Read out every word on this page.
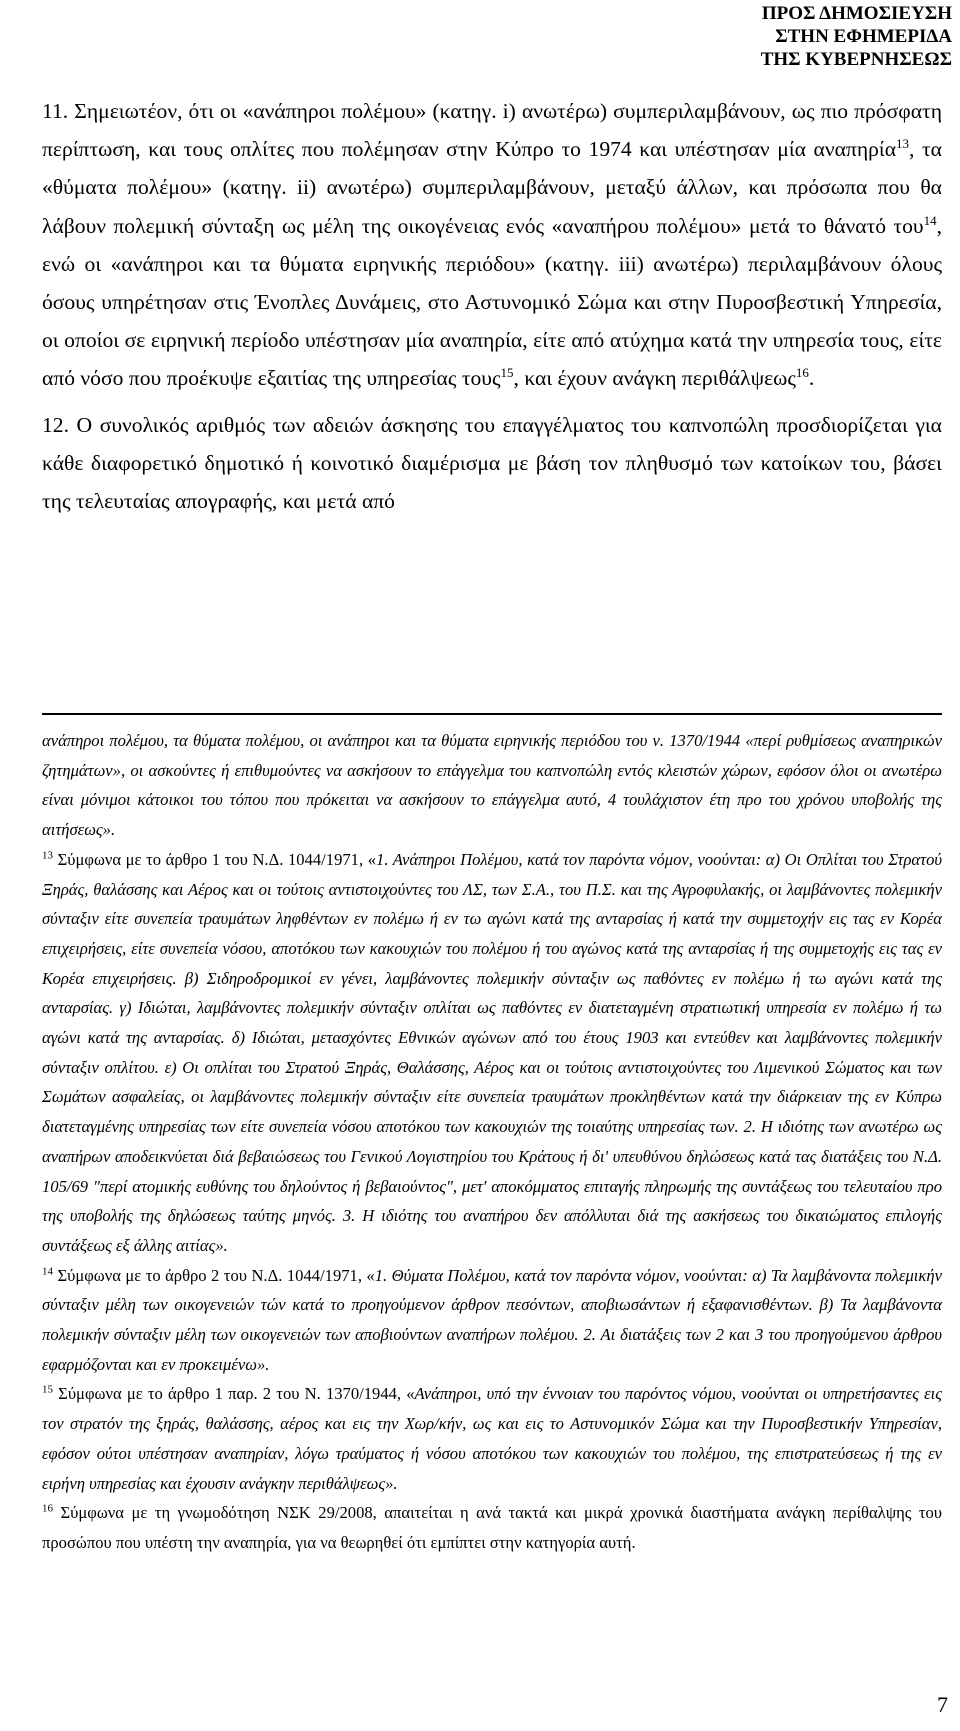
ΠΡΟΣ ΔΗΜΟΣΙΕΥΣΗ
ΣΤΗΝ ΕΦΗΜΕΡΙΔΑ
ΤΗΣ ΚΥΒΕΡΝΗΣΕΩΣ

11. Σημειωτέον, ότι οι «ανάπηροι πολέμου» (κατηγ. i) ανωτέρω) συμπεριλαμβάνουν, ως πιο πρόσφατη περίπτωση, και τους οπλίτες που πολέμησαν στην Κύπρο το 1974 και υπέστησαν μία αναπηρία$^{13}$, τα «θύματα πολέμου» (κατηγ. ii) ανωτέρω) συμπεριλαμβάνουν, μεταξύ άλλων, και πρόσωπα που θα λάβουν πολεμική σύνταξη ως μέλη της οικογένειας ενός «αναπήρου πολέμου» μετά το θάνατό του$^{14}$, ενώ οι «ανάπηροι και τα θύματα ειρηνικής περιόδου» (κατηγ. iii) ανωτέρω) περιλαμβάνουν όλους όσους υπηρέτησαν στις Ένοπλες Δυνάμεις, στο Αστυνομικό Σώμα και στην Πυροσβεστική Υπηρεσία, οι οποίοι σε ειρηνική περίοδο υπέστησαν μία αναπηρία, είτε από ατύχημα κατά την υπηρεσία τους, είτε από νόσο που προέκυψε εξαιτίας της υπηρεσίας τους$^{15}$, και έχουν ανάγκη περιθάλψεως$^{16}$.

12. Ο συνολικός αριθμός των αδειών άσκησης του επαγγέλματος του καπνοπώλη προσδιορίζεται για κάθε διαφορετικό δημοτικό ή κοινοτικό διαμέρισμα με βάση τον πληθυσμό των κατοίκων του, βάσει της τελευταίας απογραφής, και μετά από

ανάπηροι πολέμου, τα θύματα πολέμου, οι ανάπηροι και τα θύματα ειρηνικής περιόδου του ν. 1370/1944 «περί ρυθμίσεως αναπηρικών ζητημάτων», οι ασκούντες ή επιθυμούντες να ασκήσουν το επάγγελμα του καπνοπώλη εντός κλειστών χώρων, εφόσον όλοι οι ανωτέρω είναι μόνιμοι κάτοικοι του τόπου που πρόκειται να ασκήσουν το επάγγελμα αυτό, 4 τουλάχιστον έτη προ του χρόνου υποβολής της αιτήσεως».

$^{13}$ Σύμφωνα με το άρθρο 1 του Ν.Δ. 1044/1971, «1. Ανάπηροι Πολέμου, κατά τον παρόντα νόμον, νοούνται: α) Οι Οπλίται του Στρατού Ξηράς, θαλάσσης και Αέρος και οι τούτοις αντιστοιχούντες του ΛΣ, των Σ.Α., του Π.Σ. και της Αγροφυλακής, οι λαμβάνοντες πολεμικήν σύνταξιν είτε συνεπεία τραυμάτων ληφθέντων εν πολέμω ή εν τω αγώνι κατά της ανταρσίας ή κατά την συμμετοχήν εις τας εν Κορέα επιχειρήσεις, είτε συνεπεία νόσου, αποτόκου των κακουχιών του πολέμου ή του αγώνος κατά της ανταρσίας ή της συμμετοχής εις τας εν Κορέα επιχειρήσεις. β) Σιδηροδρομικοί εν γένει, λαμβάνοντες πολεμικήν σύνταξιν ως παθόντες εν πολέμω ή τω αγώνι κατά της ανταρσίας. γ) Ιδιώται, λαμβάνοντες πολεμικήν σύνταξιν οπλίται ως παθόντες εν διατεταγμένη στρατιωτική υπηρεσία εν πολέμω ή τω αγώνι κατά της ανταρσίας. δ) Ιδιώται, μετασχόντες Εθνικών αγώνων από του έτους 1903 και εντεύθεν και λαμβάνοντες πολεμικήν σύνταξιν οπλίτου. ε) Οι οπλίται του Στρατού Ξηράς, Θαλάσσης, Αέρος και οι τούτοις αντιστοιχούντες του Λιμενικού Σώματος και των Σωμάτων ασφαλείας, οι λαμβάνοντες πολεμικήν σύνταξιν είτε συνεπεία τραυμάτων προκληθέντων κατά την διάρκειαν της εν Κύπρω διατεταγμένης υπηρεσίας των είτε συνεπεία νόσου αποτόκου των κακουχιών της τοιαύτης υπηρεσίας των. 2. Η ιδιότης των ανωτέρω ως αναπήρων αποδεικνύεται διά βεβαιώσεως του Γενικού Λογιστηρίου του Κράτους ή δι' υπευθύνου δηλώσεως κατά τας διατάξεις του Ν.Δ. 105/69 "περί ατομικής ευθύνης του δηλούντος ή βεβαιούντος", μετ' αποκόμματος επιταγής πληρωμής της συντάξεως του τελευταίου προ της υποβολής της δηλώσεως ταύτης μηνός. 3. Η ιδιότης του αναπήρου δεν απόλλυται διά της ασκήσεως του δικαιώματος επιλογής συντάξεως εξ άλλης αιτίας».

$^{14}$ Σύμφωνα με το άρθρο 2 του Ν.Δ. 1044/1971, «1. Θύματα Πολέμου, κατά τον παρόντα νόμον, νοούνται: α) Τα λαμβάνοντα πολεμικήν σύνταξιν μέλη των οικογενειών τών κατά το προηγούμενον άρθρον πεσόντων, αποβιωσάντων ή εξαφανισθέντων. β) Τα λαμβάνοντα πολεμικήν σύνταξιν μέλη των οικογενειών των αποβιούντων αναπήρων πολέμου. 2. Αι διατάξεις των 2 και 3 του προηγούμενου άρθρου εφαρμόζονται και εν προκειμένω».

$^{15}$ Σύμφωνα με το άρθρο 1 παρ. 2 του Ν. 1370/1944, «Ανάπηροι, υπό την έννοιαν του παρόντος νόμου, νοούνται οι υπηρετήσαντες εις τον στρατόν της ξηράς, θαλάσσης, αέρος και εις την Χωρ/κήν, ως και εις το Αστυνομικόν Σώμα και την Πυροσβεστικήν Υπηρεσίαν, εφόσον ούτοι υπέστησαν αναπηρίαν, λόγω τραύματος ή νόσου αποτόκου των κακουχιών του πολέμου, της επιστρατεύσεως ή της εν ειρήνη υπηρεσίας και έχουσιν ανάγκην περιθάλψεως».

$^{16}$ Σύμφωνα με τη γνωμοδότηση ΝΣΚ 29/2008, απαιτείται η ανά τακτά και μικρά χρονικά διαστήματα ανάγκη περίθαλψης του προσώπου που υπέστη την αναπηρία, για να θεωρηθεί ότι εμπίπτει στην κατηγορία αυτή.

7
